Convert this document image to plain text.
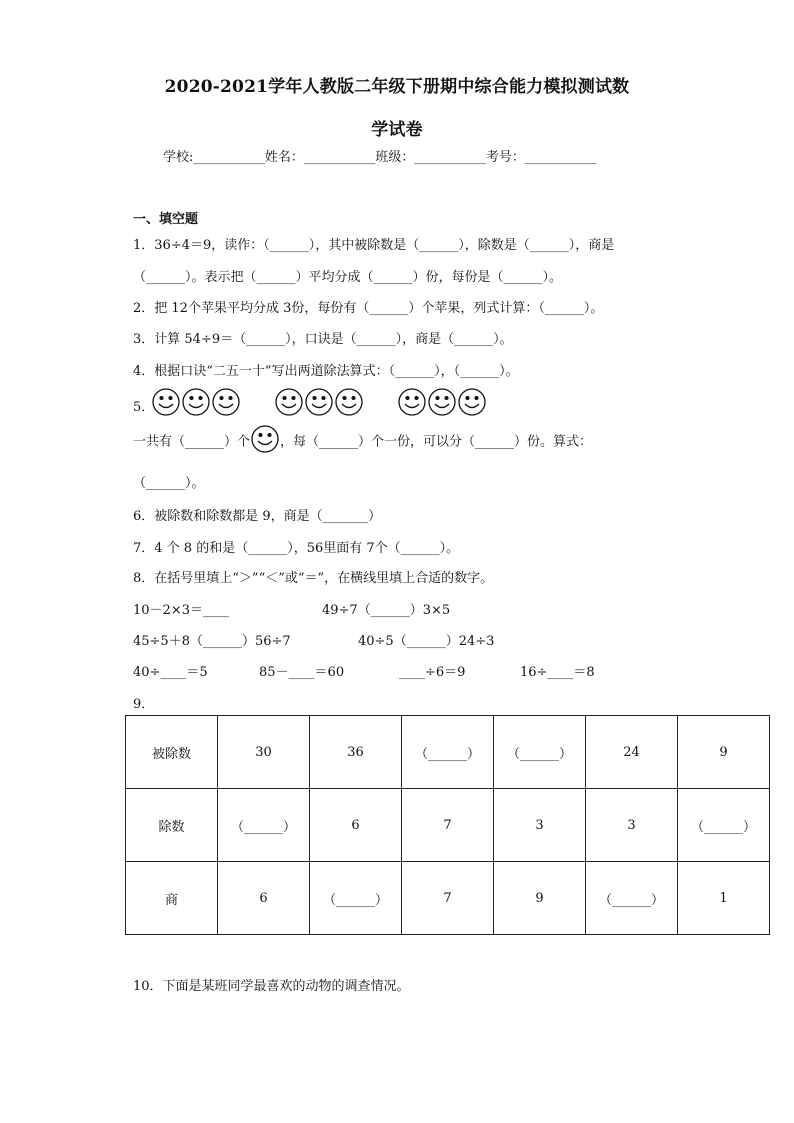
2020-2021学年人教版二年级下册期中综合能力模拟测试数
学试卷
学校:___________姓名：___________班级：___________考号：___________
一、填空题
1．36÷4＝9，读作：（______），其中被除数是（______），除数是（______），商是
（______）。表示把（______）平均分成（______）份，每份是（______）。
2．把 12个苹果平均分成 3份，每份有（______）个苹果，列式计算：（______）。
3．计算 54÷9＝（______），口诀是（______），商是（______）。
4．根据口诀“二五一十”写出两道除法算式：（______），（______）。
5．
一共有（______）个 ，每（______）个一份，可以分（______）份。算式：
（______）。
6．被除数和除数都是 9，商是（_______）
7．4 个 8 的和是（______），56里面有 7个（______）。
8．在括号里填上“＞”“＜”或“＝”，在横线里填上合适的数字。
10－2×3＝____	49÷7（______）3×5
45÷5＋8（______）56÷7	40÷5（______）24÷3
40÷____＝5	85－____＝60	____÷6＝9	16÷____＝8
9．
被除数	30	36	（______）	（______）	24	9
除数	（______）	6	7	3	3	（______）
商	6	（______）	7	9	（______）	1
10．下面是某班同学最喜欢的动物的调查情况。
